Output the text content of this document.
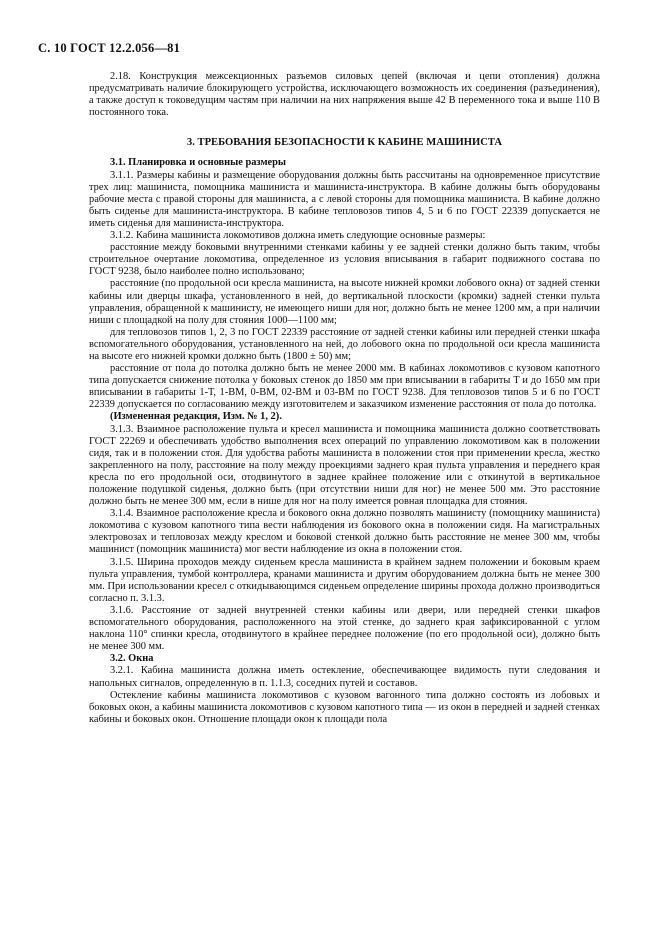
С. 10 ГОСТ 12.2.056—81

2.18. Конструкция межсекционных разъемов силовых цепей (включая и цепи отопления) должна предусматривать наличие блокирующего устройства, исключающего возможность их соединения (разъединения), а также доступ к токоведущим частям при наличии на них напряжения выше 42 В переменного тока и выше 110 В постоянного тока.

3. ТРЕБОВАНИЯ БЕЗОПАСНОСТИ К КАБИНЕ МАШИНИСТА

3.1. Планировка и основные размеры

3.1.1. Размеры кабины и размещение оборудования должны быть рассчитаны на одновременное присутствие трех лиц: машиниста, помощника машиниста и машиниста-инструктора. В кабине должны быть оборудованы рабочие места с правой стороны для машиниста, а с левой стороны для помощника машиниста. В кабине должно быть сиденье для машиниста-инструктора. В кабине тепловозов типов 4, 5 и 6 по ГОСТ 22339 допускается не иметь сиденья для машиниста-инструктора.

3.1.2. Кабина машиниста локомотивов должна иметь следующие основные размеры:

расстояние между боковыми внутренними стенками кабины у ее задней стенки должно быть таким, чтобы строительное очертание локомотива, определенное из условия вписывания в габарит подвижного состава по ГОСТ 9238, было наиболее полно использовано;

расстояние (по продольной оси кресла машиниста, на высоте нижней кромки лобового окна) от задней стенки кабины или дверцы шкафа, установленного в ней, до вертикальной плоскости (кромки) задней стенки пульта управления, обращенной к машинисту, не имеющего ниши для ног, должно быть не менее 1200 мм, а при наличии ниши с площадкой на полу для стояния 1000—1100 мм;

для тепловозов типов 1, 2, 3 по ГОСТ 22339 расстояние от задней стенки кабины или передней стенки шкафа вспомогательного оборудования, установленного на ней, до лобового окна по продольной оси кресла машиниста на высоте его нижней кромки должно быть (1800 ± 50) мм;

расстояние от пола до потолка должно быть не менее 2000 мм. В кабинах локомотивов с кузовом капотного типа допускается снижение потолка у боковых стенок до 1850 мм при вписывании в габариты Т и до 1650 мм при вписывании в габариты 1-Т, 1-ВМ, 0-ВМ, 02-ВМ и 03-ВМ по ГОСТ 9238. Для тепловозов типов 5 и 6 по ГОСТ 22339 допускается по согласованию между изготовителем и заказчиком изменение расстояния от пола до потолка.

(Измененная редакция, Изм. № 1, 2).

3.1.3. Взаимное расположение пульта и кресел машиниста и помощника машиниста должно соответствовать ГОСТ 22269 и обеспечивать удобство выполнения всех операций по управлению локомотивом как в положении сидя, так и в положении стоя. Для удобства работы машиниста в положении стоя при применении кресла, жестко закрепленного на полу, расстояние на полу между проекциями заднего края пульта управления и переднего края кресла по его продольной оси, отодвинутого в заднее крайнее положение или с откинутой в вертикальное положение подушкой сиденья, должно быть (при отсутствии ниши для ног) не менее 500 мм. Это расстояние должно быть не менее 300 мм, если в нише для ног на полу имеется ровная площадка для стояния.

3.1.4. Взаимное расположение кресла и бокового окна должно позволять машинисту (помощнику машиниста) локомотива с кузовом капотного типа вести наблюдения из бокового окна в положении сидя. На магистральных электровозах и тепловозах между креслом и боковой стенкой должно быть расстояние не менее 300 мм, чтобы машинист (помощник машиниста) мог вести наблюдение из окна в положении стоя.

3.1.5. Ширина проходов между сиденьем кресла машиниста в крайнем заднем положении и боковым краем пульта управления, тумбой контроллера, кранами машиниста и другим оборудованием должна быть не менее 300 мм. При использовании кресел с откидывающимся сиденьем определение ширины прохода должно производиться согласно п. 3.1.3.

3.1.6. Расстояние от задней внутренней стенки кабины или двери, или передней стенки шкафов вспомогательного оборудования, расположенного на этой стенке, до заднего края зафиксированной с углом наклона 110° спинки кресла, отодвинутого в крайнее переднее положение (по его продольной оси), должно быть не менее 300 мм.

3.2. Окна

3.2.1. Кабина машиниста должна иметь остекление, обеспечивающее видимость пути следования и напольных сигналов, определенную в п. 1.1.3, соседних путей и составов.

Остекление кабины машиниста локомотивов с кузовом вагонного типа должно состоять из лобовых и боковых окон, а кабины машиниста локомотивов с кузовом капотного типа — из окон в передней и задней стенках кабины и боковых окон. Отношение площади окон к площади пола
